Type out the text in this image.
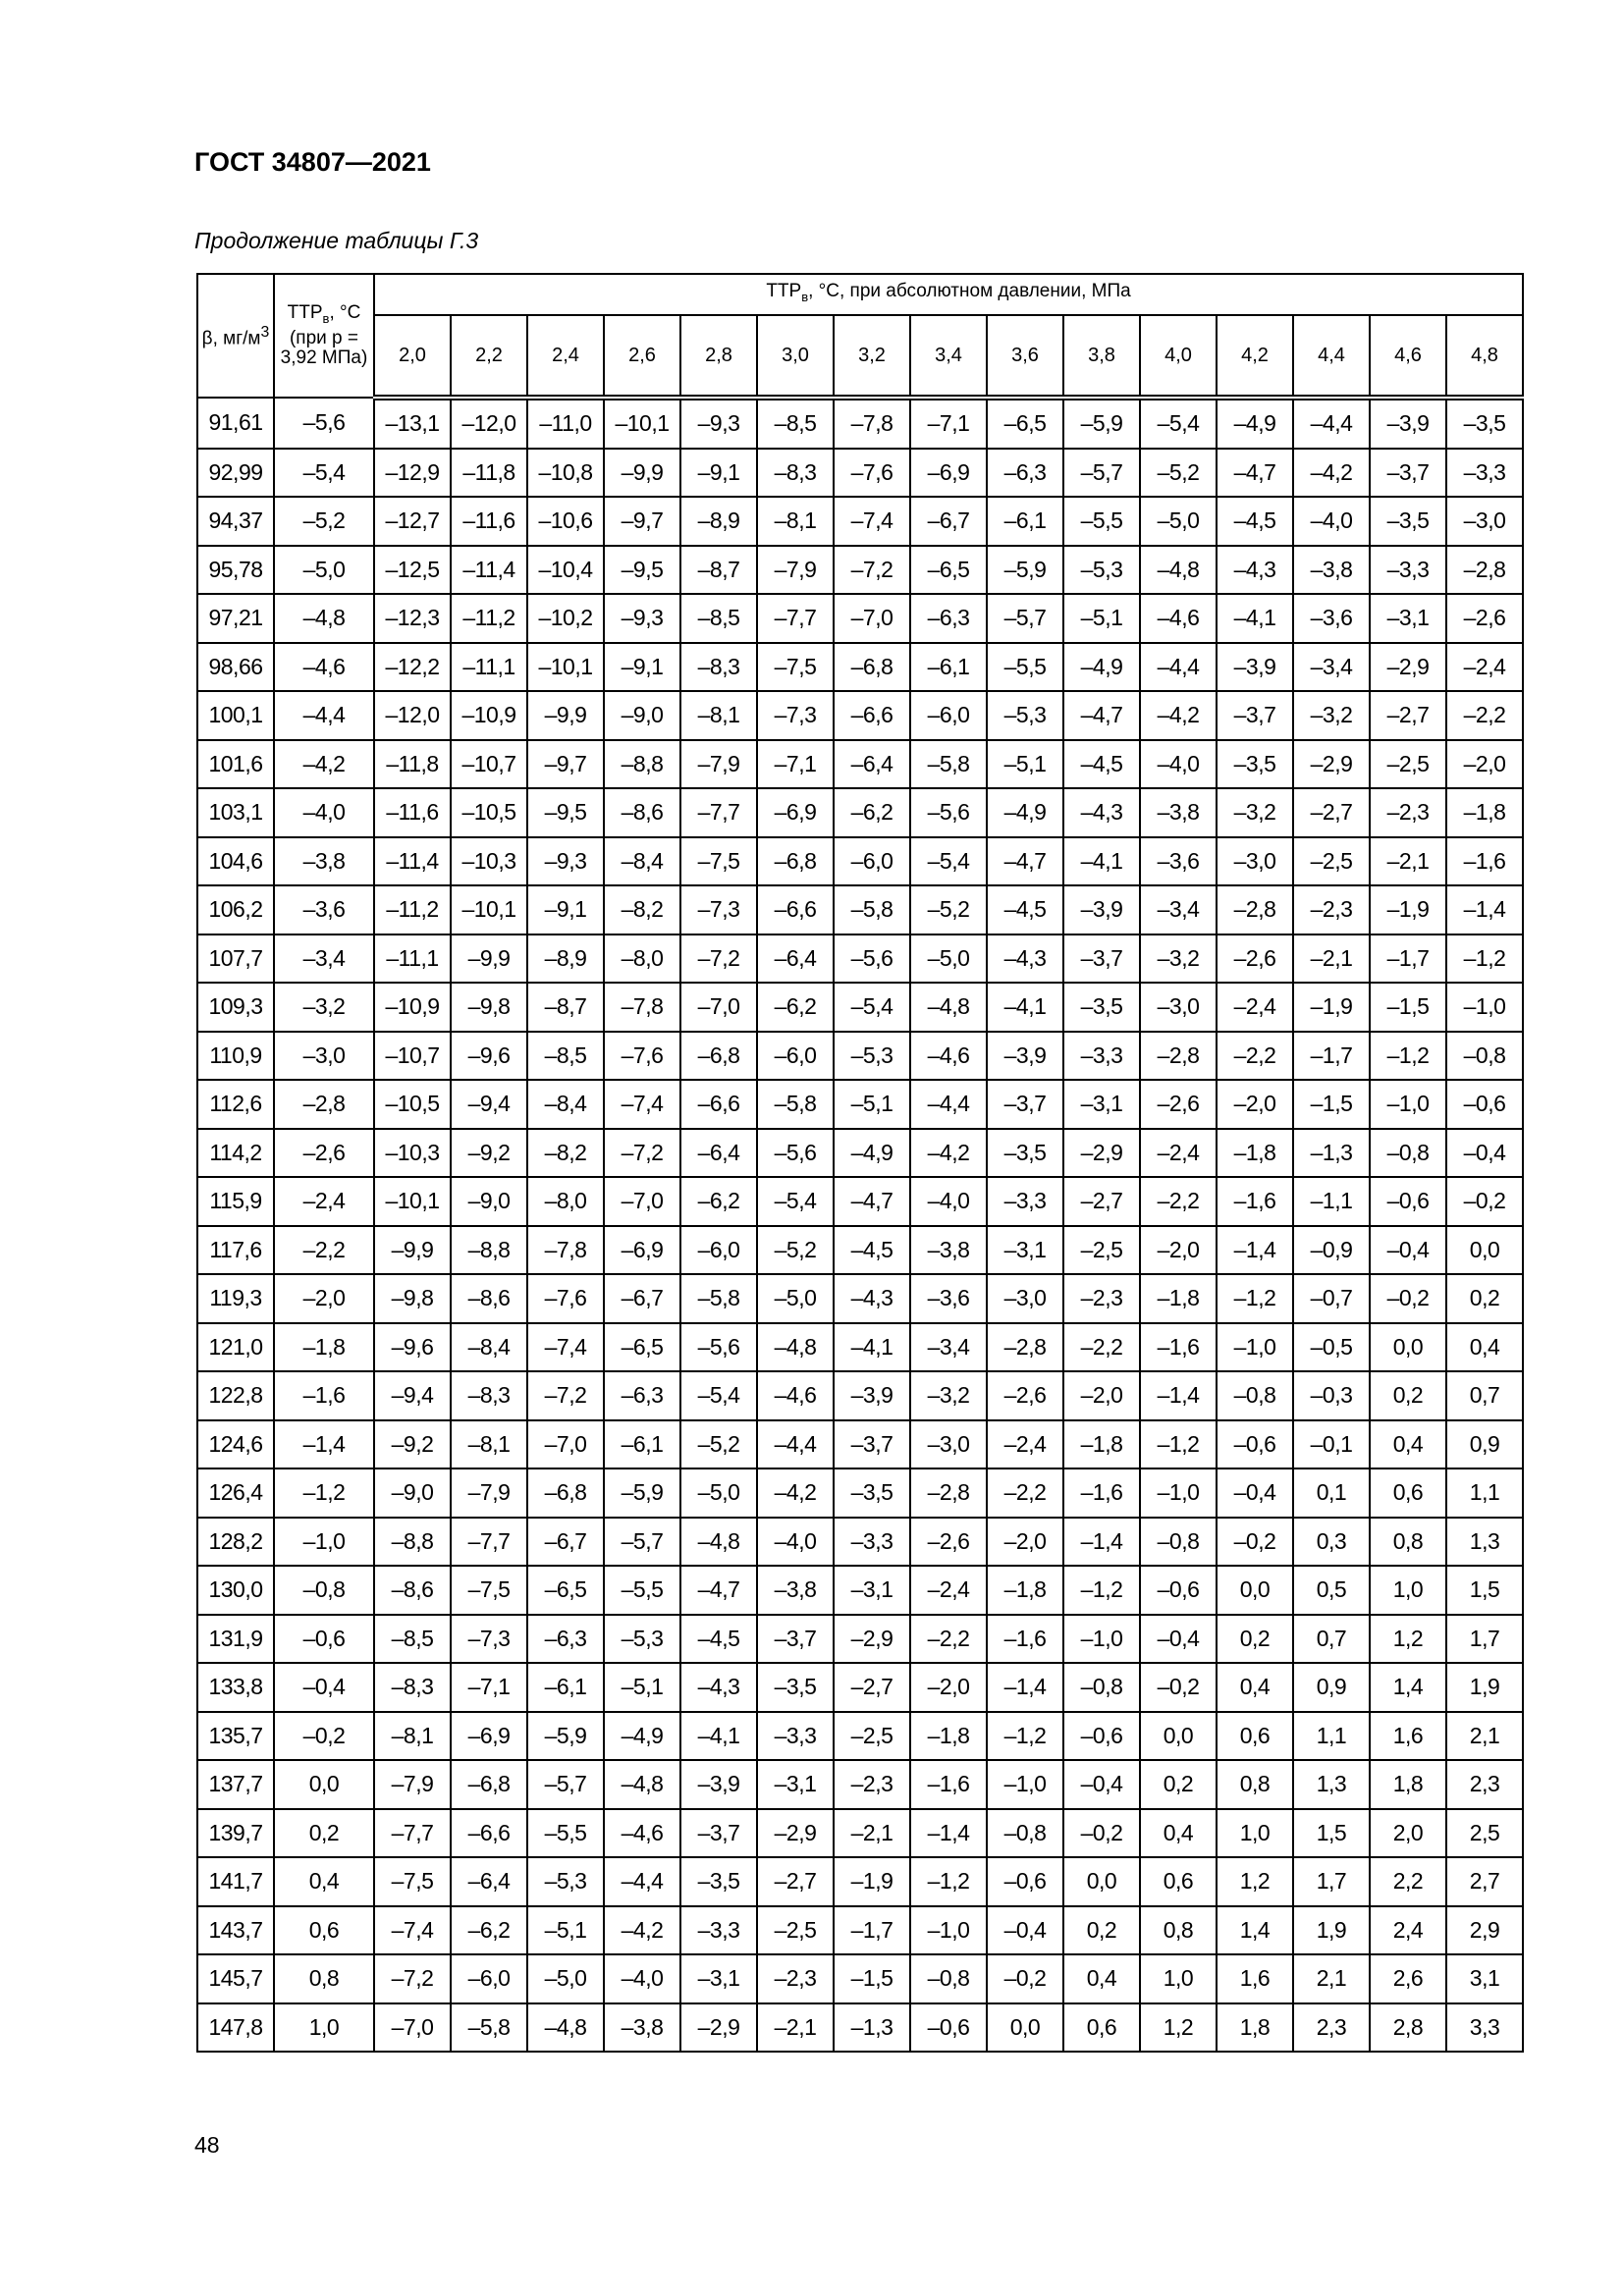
ГОСТ 34807—2021
Продолжение таблицы Г.3
β, $мг/м^3$	$ТТР_в$, °C (при p = 3,92 МПа)	$ТТР_в$, °C, при абсолютном давлении, МПа														
		2,0	2,2	2,4	2,6	2,8	3,0	3,2	3,4	3,6	3,8	4,0	4,2	4,4	4,6	4,8
91,61	–5,6	–13,1	–12,0	–11,0	–10,1	–9,3	–8,5	–7,8	–7,1	–6,5	–5,9	–5,4	–4,9	–4,4	–3,9	–3,5
92,99	–5,4	–12,9	–11,8	–10,8	–9,9	–9,1	–8,3	–7,6	–6,9	–6,3	–5,7	–5,2	–4,7	–4,2	–3,7	–3,3
94,37	–5,2	–12,7	–11,6	–10,6	–9,7	–8,9	–8,1	–7,4	–6,7	–6,1	–5,5	–5,0	–4,5	–4,0	–3,5	–3,0
95,78	–5,0	–12,5	–11,4	–10,4	–9,5	–8,7	–7,9	–7,2	–6,5	–5,9	–5,3	–4,8	–4,3	–3,8	–3,3	–2,8
97,21	–4,8	–12,3	–11,2	–10,2	–9,3	–8,5	–7,7	–7,0	–6,3	–5,7	–5,1	–4,6	–4,1	–3,6	–3,1	–2,6
98,66	–4,6	–12,2	–11,1	–10,1	–9,1	–8,3	–7,5	–6,8	–6,1	–5,5	–4,9	–4,4	–3,9	–3,4	–2,9	–2,4
100,1	–4,4	–12,0	–10,9	–9,9	–9,0	–8,1	–7,3	–6,6	–6,0	–5,3	–4,7	–4,2	–3,7	–3,2	–2,7	–2,2
101,6	–4,2	–11,8	–10,7	–9,7	–8,8	–7,9	–7,1	–6,4	–5,8	–5,1	–4,5	–4,0	–3,5	–2,9	–2,5	–2,0
103,1	–4,0	–11,6	–10,5	–9,5	–8,6	–7,7	–6,9	–6,2	–5,6	–4,9	–4,3	–3,8	–3,2	–2,7	–2,3	–1,8
104,6	–3,8	–11,4	–10,3	–9,3	–8,4	–7,5	–6,8	–6,0	–5,4	–4,7	–4,1	–3,6	–3,0	–2,5	–2,1	–1,6
106,2	–3,6	–11,2	–10,1	–9,1	–8,2	–7,3	–6,6	–5,8	–5,2	–4,5	–3,9	–3,4	–2,8	–2,3	–1,9	–1,4
107,7	–3,4	–11,1	–9,9	–8,9	–8,0	–7,2	–6,4	–5,6	–5,0	–4,3	–3,7	–3,2	–2,6	–2,1	–1,7	–1,2
109,3	–3,2	–10,9	–9,8	–8,7	–7,8	–7,0	–6,2	–5,4	–4,8	–4,1	–3,5	–3,0	–2,4	–1,9	–1,5	–1,0
110,9	–3,0	–10,7	–9,6	–8,5	–7,6	–6,8	–6,0	–5,3	–4,6	–3,9	–3,3	–2,8	–2,2	–1,7	–1,2	–0,8
112,6	–2,8	–10,5	–9,4	–8,4	–7,4	–6,6	–5,8	–5,1	–4,4	–3,7	–3,1	–2,6	–2,0	–1,5	–1,0	–0,6
114,2	–2,6	–10,3	–9,2	–8,2	–7,2	–6,4	–5,6	–4,9	–4,2	–3,5	–2,9	–2,4	–1,8	–1,3	–0,8	–0,4
115,9	–2,4	–10,1	–9,0	–8,0	–7,0	–6,2	–5,4	–4,7	–4,0	–3,3	–2,7	–2,2	–1,6	–1,1	–0,6	–0,2
117,6	–2,2	–9,9	–8,8	–7,8	–6,9	–6,0	–5,2	–4,5	–3,8	–3,1	–2,5	–2,0	–1,4	–0,9	–0,4	0,0
119,3	–2,0	–9,8	–8,6	–7,6	–6,7	–5,8	–5,0	–4,3	–3,6	–3,0	–2,3	–1,8	–1,2	–0,7	–0,2	0,2
121,0	–1,8	–9,6	–8,4	–7,4	–6,5	–5,6	–4,8	–4,1	–3,4	–2,8	–2,2	–1,6	–1,0	–0,5	0,0	0,4
122,8	–1,6	–9,4	–8,3	–7,2	–6,3	–5,4	–4,6	–3,9	–3,2	–2,6	–2,0	–1,4	–0,8	–0,3	0,2	0,7
124,6	–1,4	–9,2	–8,1	–7,0	–6,1	–5,2	–4,4	–3,7	–3,0	–2,4	–1,8	–1,2	–0,6	–0,1	0,4	0,9
126,4	–1,2	–9,0	–7,9	–6,8	–5,9	–5,0	–4,2	–3,5	–2,8	–2,2	–1,6	–1,0	–0,4	0,1	0,6	1,1
128,2	–1,0	–8,8	–7,7	–6,7	–5,7	–4,8	–4,0	–3,3	–2,6	–2,0	–1,4	–0,8	–0,2	0,3	0,8	1,3
130,0	–0,8	–8,6	–7,5	–6,5	–5,5	–4,7	–3,8	–3,1	–2,4	–1,8	–1,2	–0,6	0,0	0,5	1,0	1,5
131,9	–0,6	–8,5	–7,3	–6,3	–5,3	–4,5	–3,7	–2,9	–2,2	–1,6	–1,0	–0,4	0,2	0,7	1,2	1,7
133,8	–0,4	–8,3	–7,1	–6,1	–5,1	–4,3	–3,5	–2,7	–2,0	–1,4	–0,8	–0,2	0,4	0,9	1,4	1,9
135,7	–0,2	–8,1	–6,9	–5,9	–4,9	–4,1	–3,3	–2,5	–1,8	–1,2	–0,6	0,0	0,6	1,1	1,6	2,1
137,7	0,0	–7,9	–6,8	–5,7	–4,8	–3,9	–3,1	–2,3	–1,6	–1,0	–0,4	0,2	0,8	1,3	1,8	2,3
139,7	0,2	–7,7	–6,6	–5,5	–4,6	–3,7	–2,9	–2,1	–1,4	–0,8	–0,2	0,4	1,0	1,5	2,0	2,5
141,7	0,4	–7,5	–6,4	–5,3	–4,4	–3,5	–2,7	–1,9	–1,2	–0,6	0,0	0,6	1,2	1,7	2,2	2,7
143,7	0,6	–7,4	–6,2	–5,1	–4,2	–3,3	–2,5	–1,7	–1,0	–0,4	0,2	0,8	1,4	1,9	2,4	2,9
145,7	0,8	–7,2	–6,0	–5,0	–4,0	–3,1	–2,3	–1,5	–0,8	–0,2	0,4	1,0	1,6	2,1	2,6	3,1
147,8	1,0	–7,0	–5,8	–4,8	–3,8	–2,9	–2,1	–1,3	–0,6	0,0	0,6	1,2	1,8	2,3	2,8	3,3
48
